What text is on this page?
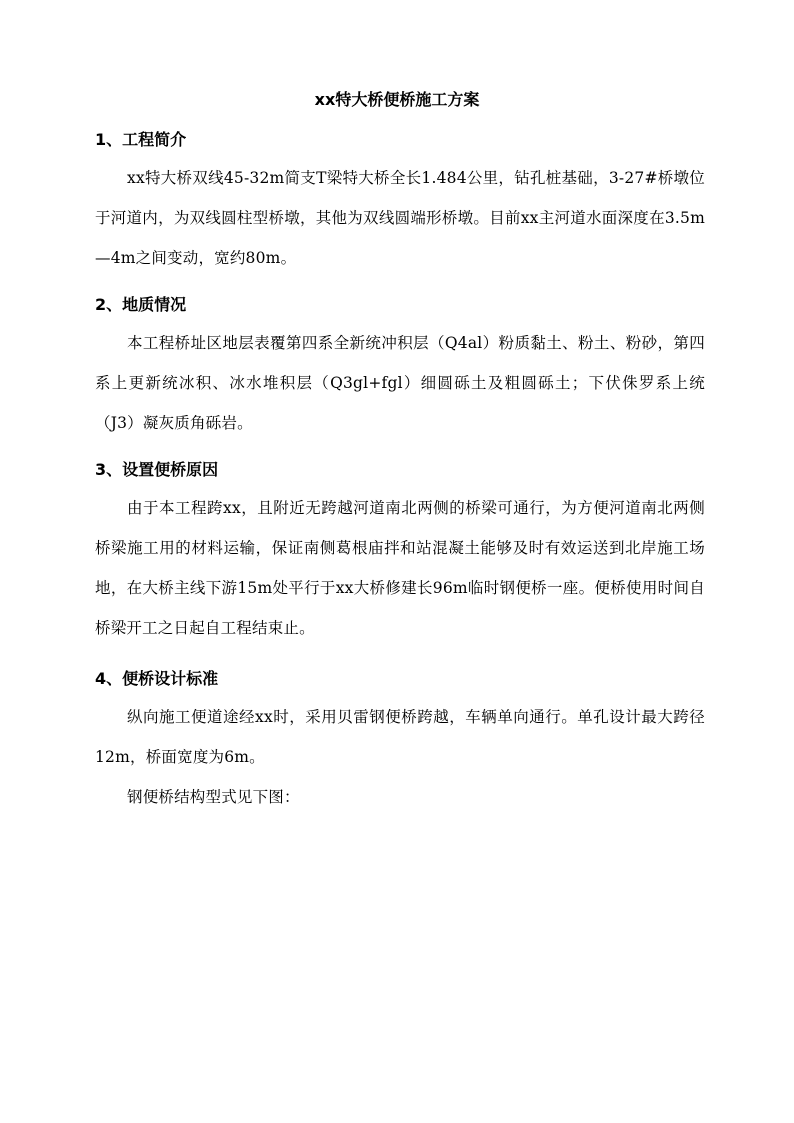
xx特大桥便桥施工方案
1、工程简介

xx特大桥双线45-32m简支T梁特大桥全长1.484公里，钻孔桩基础，3-27#桥墩位于河道内，为双线圆柱型桥墩，其他为双线圆端形桥墩。目前xx主河道水面深度在3.5m—4m之间变动，宽约80m。

2、地质情况

本工程桥址区地层表覆第四系全新统冲积层（Q4al）粉质黏土、粉土、粉砂，第四系上更新统冰积、冰水堆积层（Q3gl+fgl）细圆砾土及粗圆砾土；下伏侏罗系上统（J3）凝灰质角砾岩。

3、设置便桥原因

由于本工程跨xx，且附近无跨越河道南北两侧的桥梁可通行，为方便河道南北两侧桥梁施工用的材料运输，保证南侧葛根庙拌和站混凝土能够及时有效运送到北岸施工场地，在大桥主线下游15m处平行于xx大桥修建长96m临时钢便桥一座。便桥使用时间自桥梁开工之日起自工程结束止。

4、便桥设计标准

纵向施工便道途经xx时，采用贝雷钢便桥跨越，车辆单向通行。单孔设计最大跨径12m，桥面宽度为6m。

钢便桥结构型式见下图：
